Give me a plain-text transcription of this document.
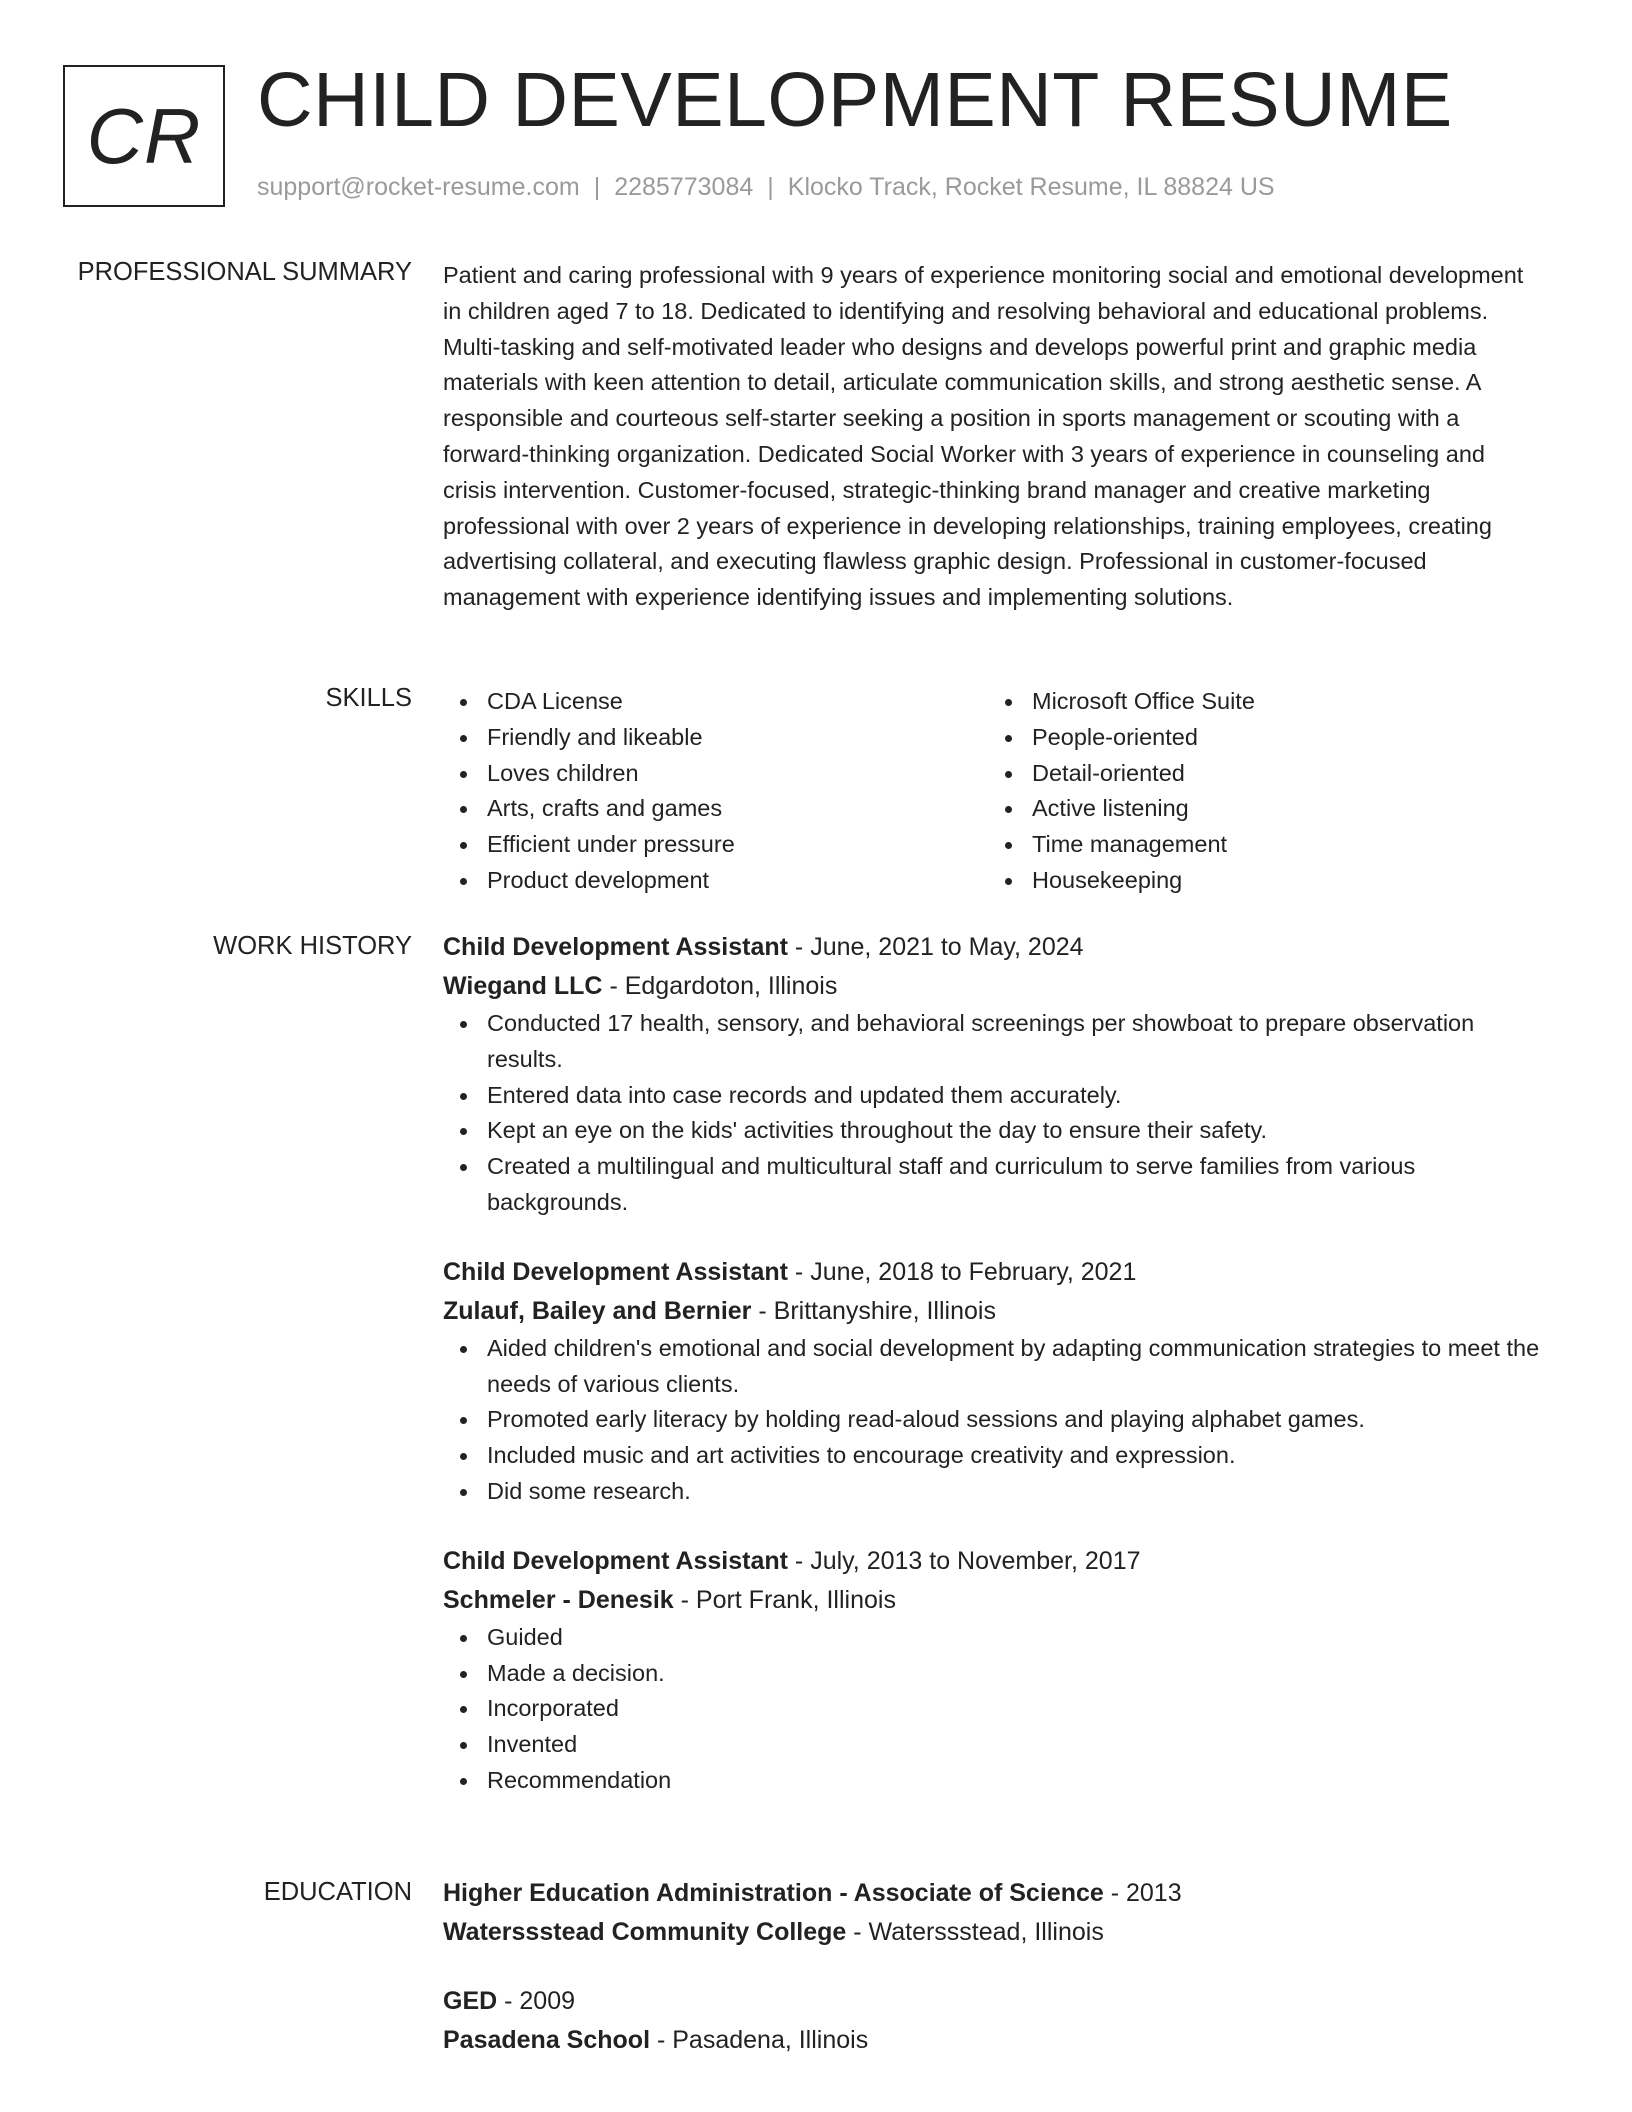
CR CHILD DEVELOPMENT RESUME
support@rocket-resume.com | 2285773084 | Klocko Track, Rocket Resume, IL 88824 US
PROFESSIONAL SUMMARY Patient and caring professional with 9 years of experience monitoring social and emotional development in children aged 7 to 18. Dedicated to identifying and resolving behavioral and educational problems. Multi-tasking and self-motivated leader who designs and develops powerful print and graphic media materials with keen attention to detail, articulate communication skills, and strong aesthetic sense. A responsible and courteous self-starter seeking a position in sports management or scouting with a forward-thinking organization. Dedicated Social Worker with 3 years of experience in counseling and crisis intervention. Customer-focused, strategic-thinking brand manager and creative marketing professional with over 2 years of experience in developing relationships, training employees, creating advertising collateral, and executing flawless graphic design. Professional in customer-focused management with experience identifying issues and implementing solutions.

SKILLS	CDA License
Friendly and likeable
Loves children
Arts, crafts and games
Efficient under pressure
Product development
Microsoft Office Suite
People-oriented
Detail-oriented
Active listening
Time management
Housekeeping
WORK HISTORY Child Development Assistant - June, 2021 to May, 2024
Wiegand LLC - Edgardoton, Illinois
Conducted 17 health, sensory, and behavioral screenings per showboat to prepare observation results.
Entered data into case records and updated them accurately.
Kept an eye on the kids' activities throughout the day to ensure their safety.
Created a multilingual and multicultural staff and curriculum to serve families from various backgrounds.
Child Development Assistant - June, 2018 to February, 2021
Zulauf, Bailey and Bernier - Brittanyshire, Illinois
Aided children's emotional and social development by adapting communication strategies to meet the needs of various clients.
Promoted early literacy by holding read-aloud sessions and playing alphabet games.
Included music and art activities to encourage creativity and expression.
Did some research.
Child Development Assistant - July, 2013 to November, 2017
Schmeler - Denesik - Port Frank, Illinois
Guided
Made a decision.
Incorporated
Invented
Recommendation
EDUCATION Higher Education Administration - Associate of Science - 2013
Waterssstead Community College - Waterssstead, Illinois
GED - 2009
Pasadena School - Pasadena, Illinois
